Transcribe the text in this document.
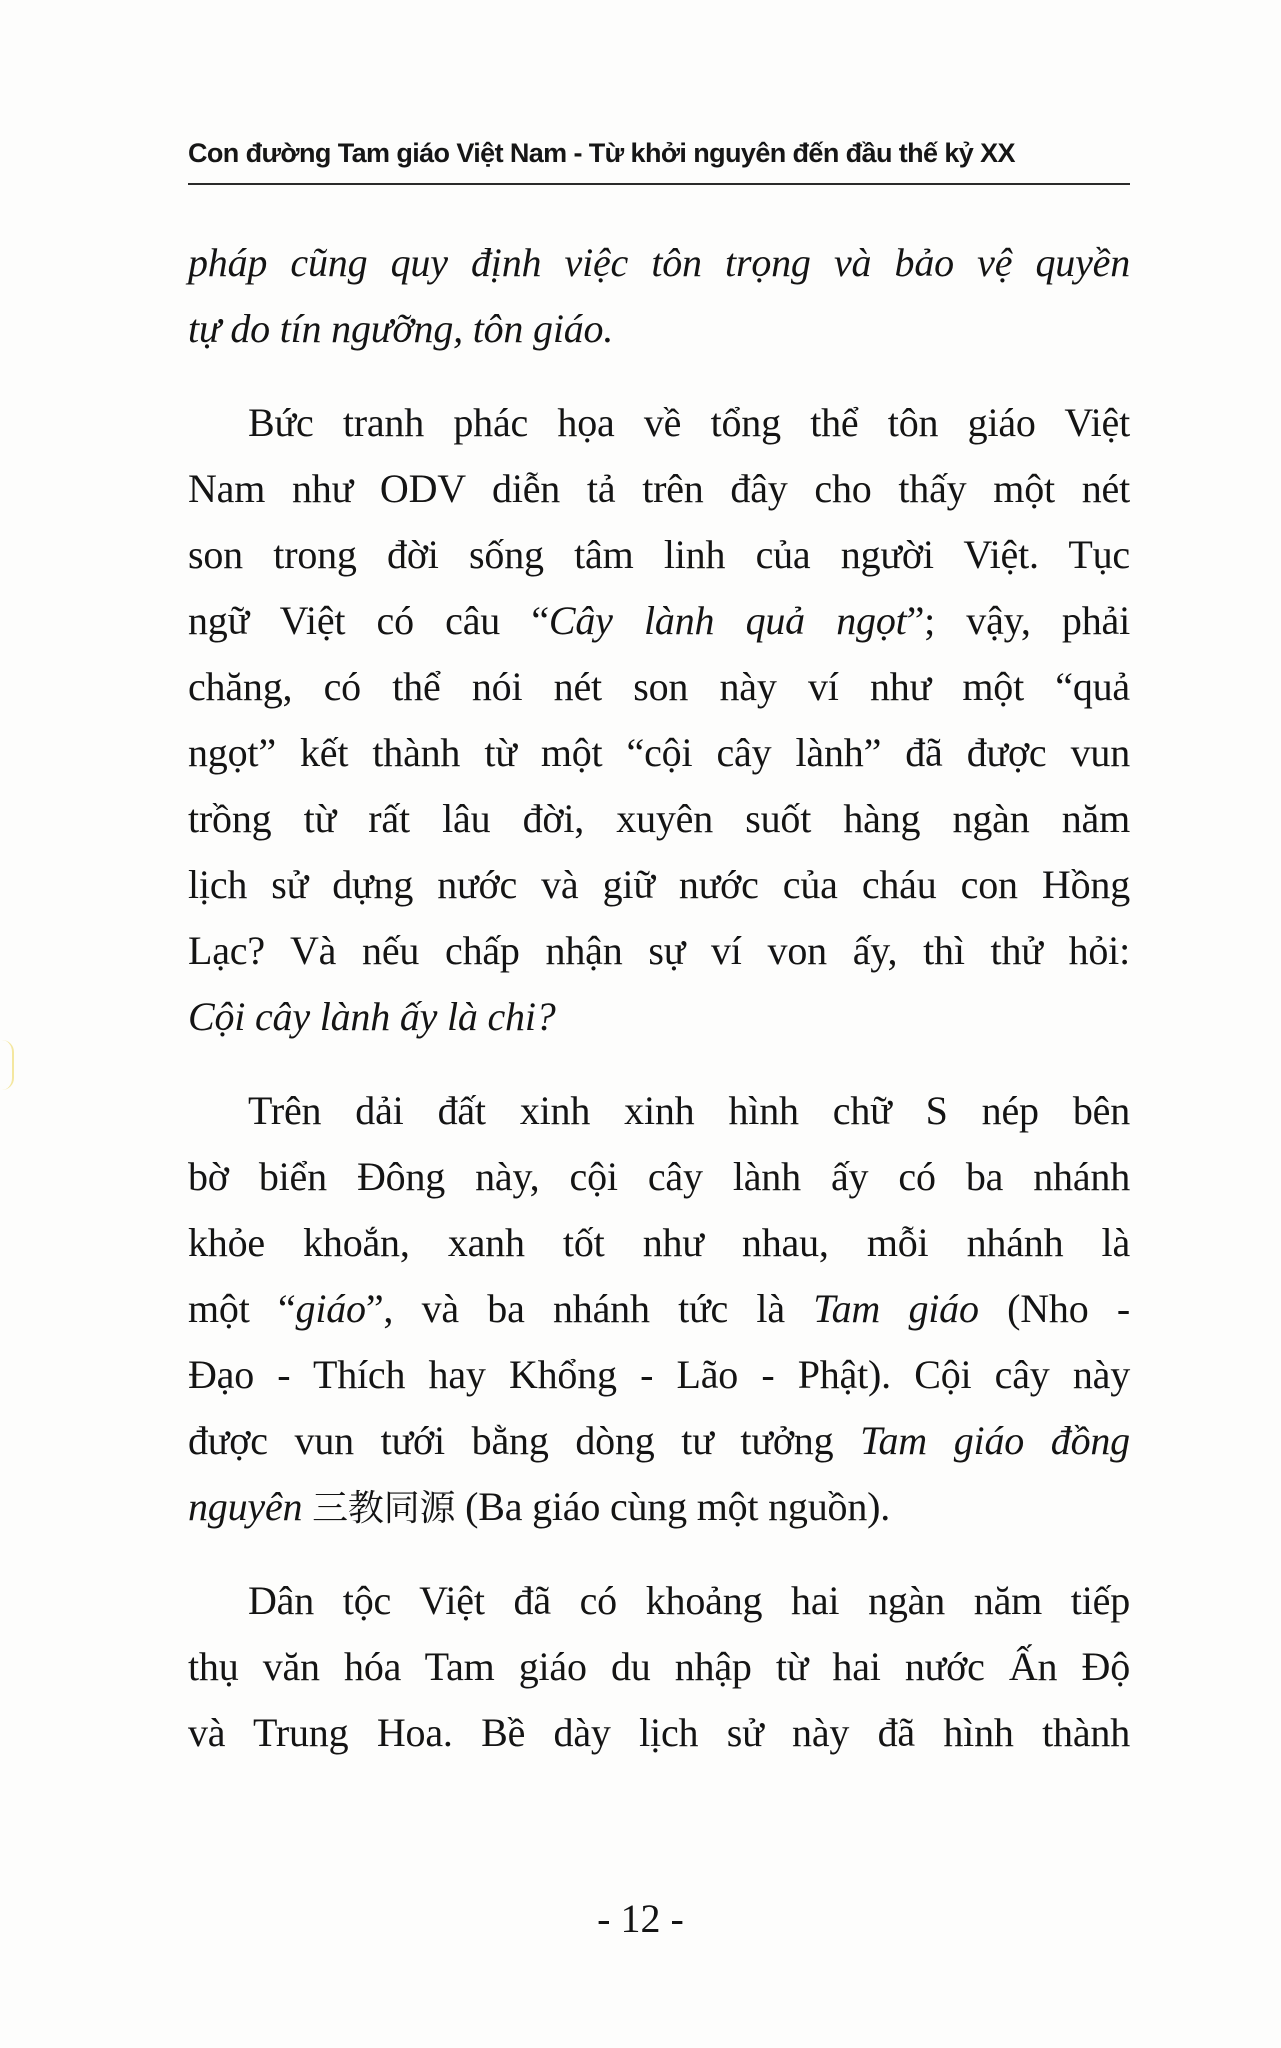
Con đường Tam giáo Việt Nam - Từ khởi nguyên đến đầu thế kỷ XX
pháp cũng quy định việc tôn trọng và bảo vệ quyền
tự do tín ngưỡng, tôn giáo.
Bức tranh phác họa về tổng thể tôn giáo Việt
Nam như ODV diễn tả trên đây cho thấy một nét
son trong đời sống tâm linh của người Việt. Tục
ngữ Việt có câu “Cây lành quả ngọt”; vậy, phải
chăng, có thể nói nét son này ví như một “quả
ngọt” kết thành từ một “cội cây lành” đã được vun
trồng từ rất lâu đời, xuyên suốt hàng ngàn năm
lịch sử dựng nước và giữ nước của cháu con Hồng
Lạc? Và nếu chấp nhận sự ví von ấy, thì thử hỏi:
Cội cây lành ấy là chi?
Trên dải đất xinh xinh hình chữ S nép bên
bờ biển Đông này, cội cây lành ấy có ba nhánh
khỏe khoắn, xanh tốt như nhau, mỗi nhánh là
một “giáo”, và ba nhánh tức là Tam giáo (Nho -
Đạo - Thích hay Khổng - Lão - Phật). Cội cây này
được vun tưới bằng dòng tư tưởng Tam giáo đồng
nguyên 三教同源 (Ba giáo cùng một nguồn).
Dân tộc Việt đã có khoảng hai ngàn năm tiếp
thụ văn hóa Tam giáo du nhập từ hai nước Ấn Độ
và Trung Hoa. Bề dày lịch sử này đã hình thành
- 12 -
